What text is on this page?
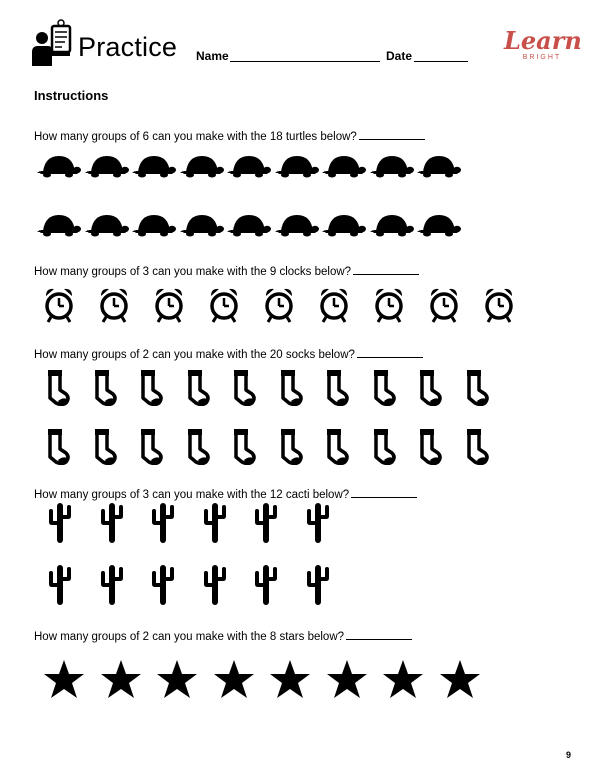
Practice Name	Date
Learn
BRIGHT
Instructions
How many groups of 6 can you make with the 18 turtles below?
How many groups of 3 can you make with the 9 clocks below?
How many groups of 2 can you make with the 20 socks below?
How many groups of 3 can you make with the 12 cacti below?
How many groups of 2 can you make with the 8 stars below?
9
